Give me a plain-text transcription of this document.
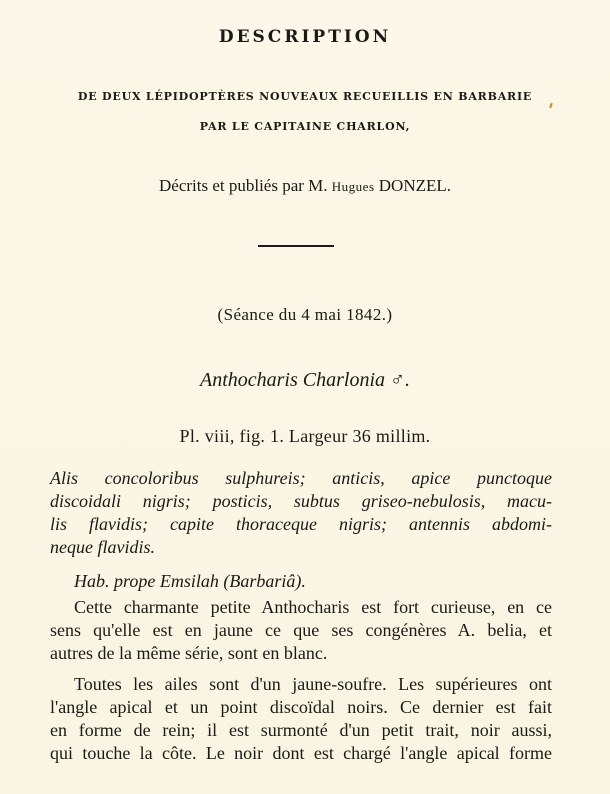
DESCRIPTION
DE DEUX LÉPIDOPTÈRES NOUVEAUX RECUEILLIS EN BARBARIE
PAR LE CAPITAINE CHARLON,
Décrits et publiés par M. Hugues DONZEL.
(Séance du 4 mai 1842.)
Anthocharis Charlonia ♂.
Pl. viii, fig. 1. Largeur 36 millim.
Alis concoloribus sulphureis; anticis, apice punctoque
discoidali nigris; posticis, subtus griseo-nebulosis, macu-
lis flavidis; capite thoraceque nigris; antennis abdomi-
neque flavidis.
Hab. prope Emsilah (Barbariâ).
Cette charmante petite Anthocharis est fort curieuse, en ce
sens qu'elle est en jaune ce que ses congénères A. belia, et
autres de la même série, sont en blanc.
Toutes les ailes sont d'un jaune-soufre. Les supérieures ont
l'angle apical et un point discoïdal noirs. Ce dernier est fait
en forme de rein; il est surmonté d'un petit trait, noir aussi,
qui touche la côte. Le noir dont est chargé l'angle apical forme
